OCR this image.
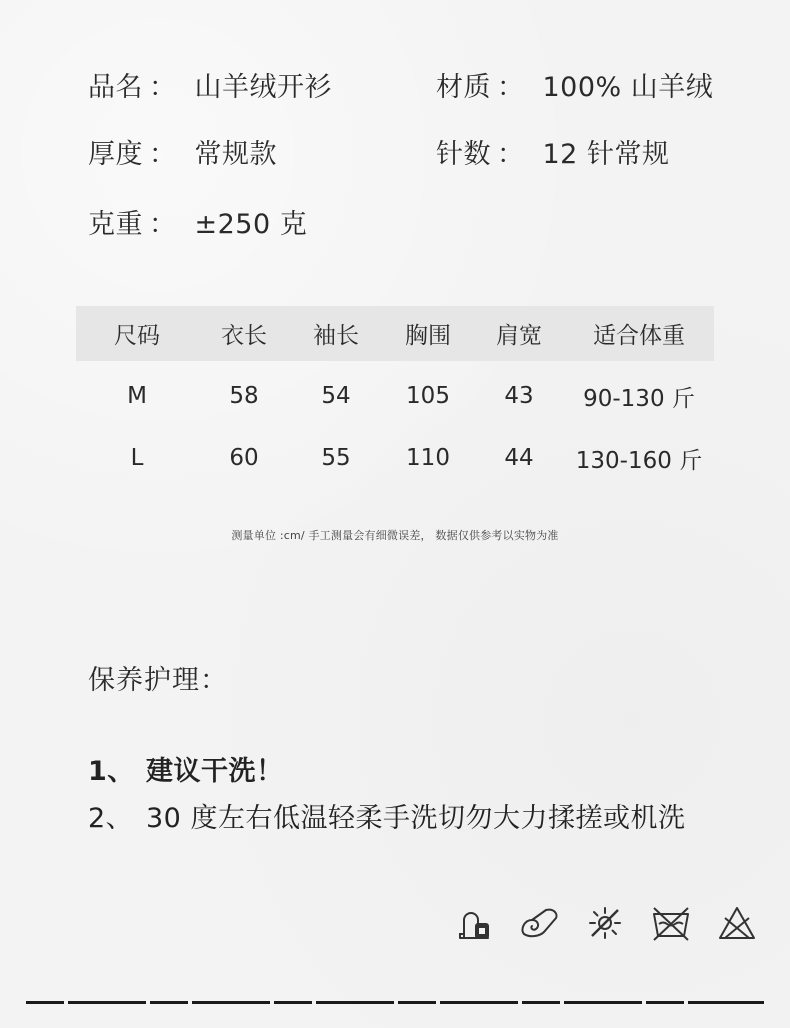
品名 ： 山羊绒开衫	材质 ： 100% 山羊绒
厚度 ： 常规款	针数 ： 12 针常规
克重 ： ±250 克
尺码	衣长	袖长	胸围	肩宽	适合体重
M	58	54	105	43	90-130 斤
L	60	55	110	44	130-160 斤
测量单位 :cm/ 手工测量会有细微误差， 数据仅供参考以实物为准
保养护理：
1、 建议干洗！
2、 30 度左右低温轻柔手洗切勿大力揉搓或机洗
